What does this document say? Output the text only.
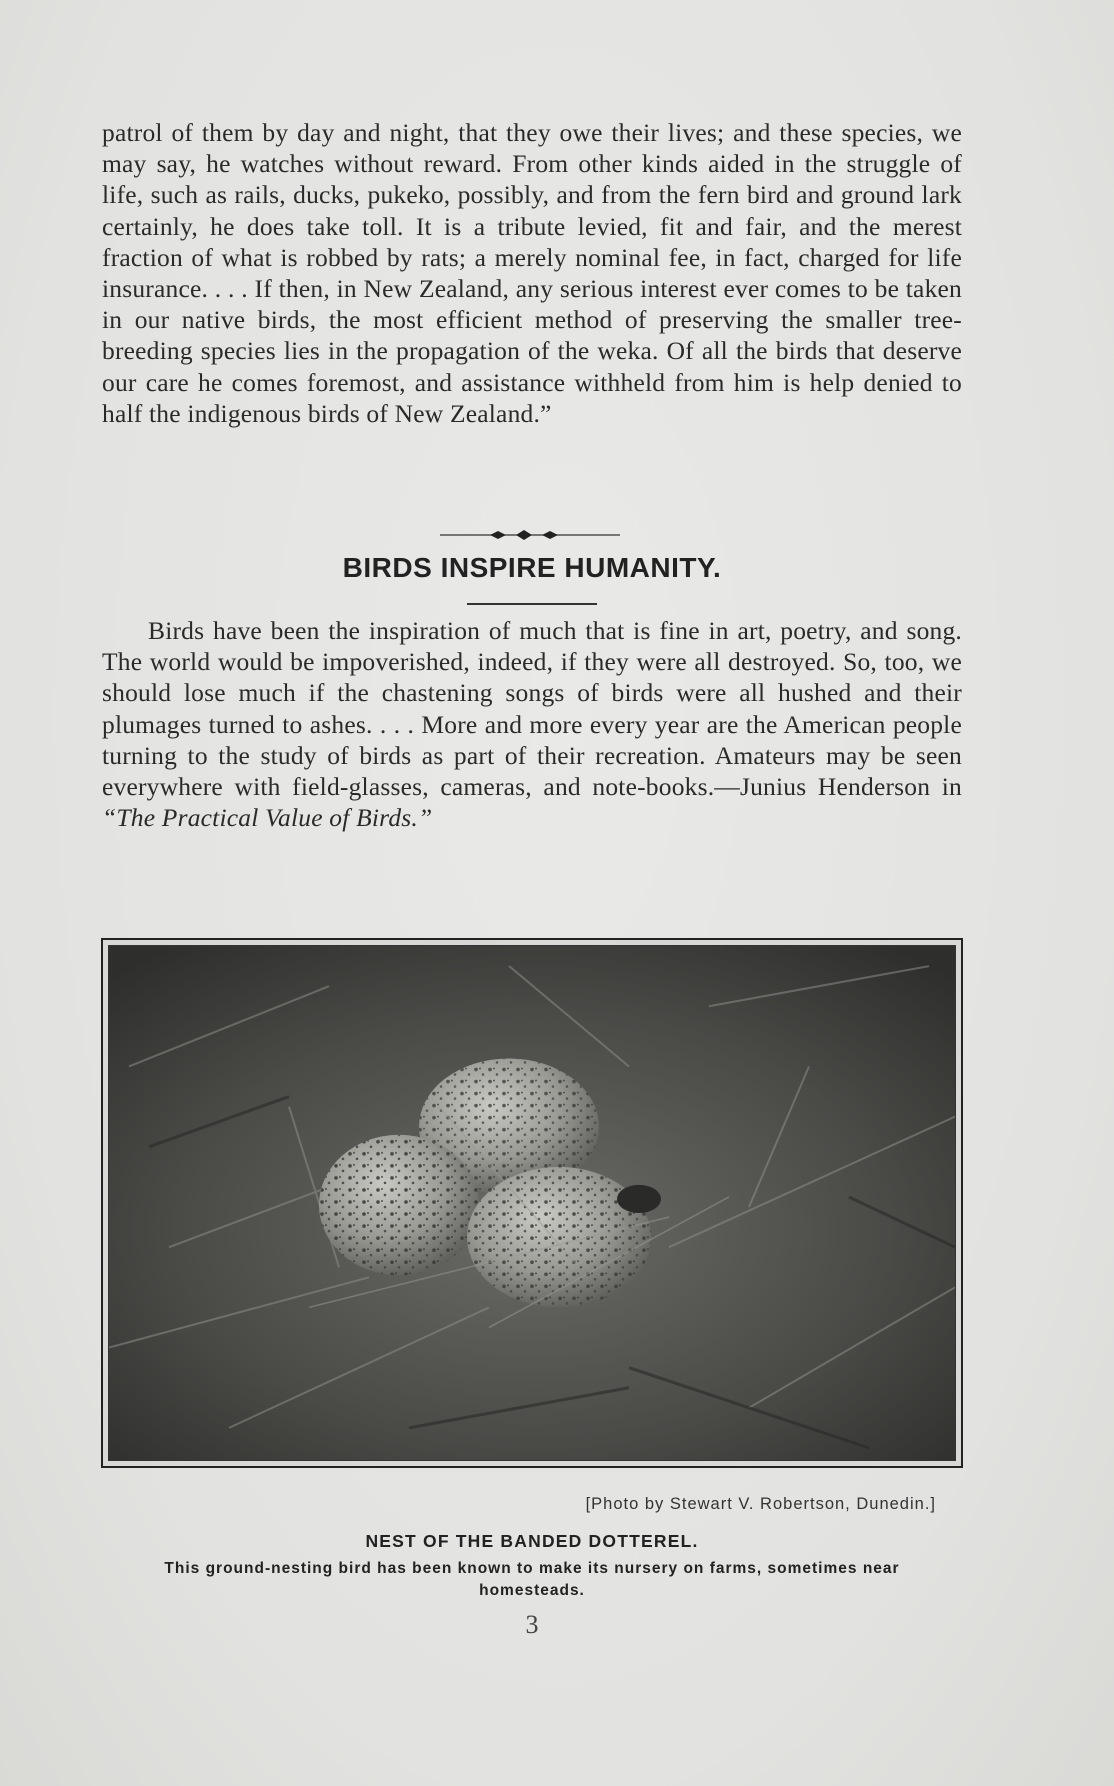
patrol of them by day and night, that they owe their lives; and these species, we may say, he watches without reward. From other kinds aided in the struggle of life, such as rails, ducks, pukeko, possibly, and from the fern bird and ground lark certainly, he does take toll. It is a tribute levied, fit and fair, and the merest fraction of what is robbed by rats; a merely nominal fee, in fact, charged for life insurance. . . . If then, in New Zealand, any serious interest ever comes to be taken in our native birds, the most efficient method of preserving the smaller tree-breeding species lies in the propagation of the weka. Of all the birds that deserve our care he comes foremost, and assistance withheld from him is help denied to half the indigenous birds of New Zealand.”

BIRDS INSPIRE HUMANITY.

Birds have been the inspiration of much that is fine in art, poetry, and song. The world would be impoverished, indeed, if they were all destroyed. So, too, we should lose much if the chastening songs of birds were all hushed and their plumages turned to ashes. . . . More and more every year are the American people turning to the study of birds as part of their recreation. Amateurs may be seen everywhere with field-glasses, cameras, and note-books.—Junius Henderson in “The Practical Value of Birds.”

[Photo by Stewart V. Robertson, Dunedin.]

NEST OF THE BANDED DOTTEREL.

This ground-nesting bird has been known to make its nursery on farms, sometimes near homesteads.

3
